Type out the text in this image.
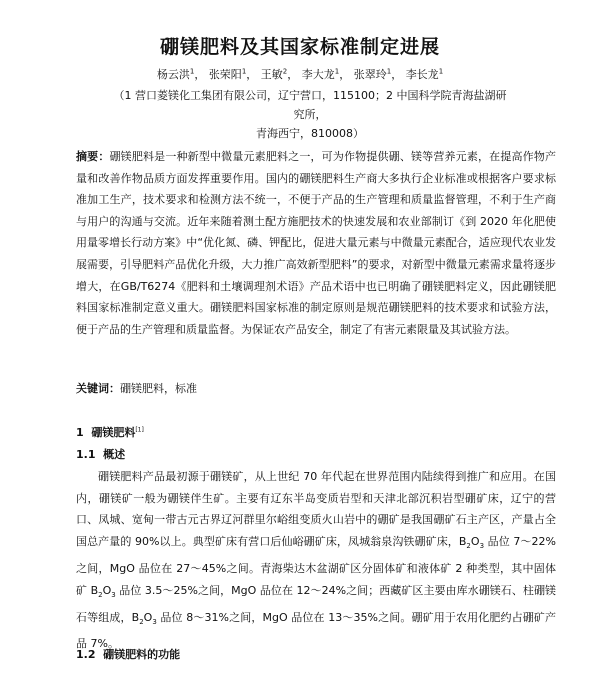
硼镁肥料及其国家标准制定进展
杨云洪$^1$， 张荣阳$^1$， 王敏$^2$， 李大龙$^1$， 张翠玲$^1$， 李长龙$^1$
（1 营口菱镁化工集团有限公司，辽宁营口，115100；2 中国科学院青海盐湖研究所，
青海西宁，810008）
摘要：硼镁肥料是一种新型中微量元素肥料之一，可为作物提供硼、镁等营养元素，在提高作物产量和改善作物品质方面发挥重要作用。国内的硼镁肥料生产商大多执行企业标准或根据客户要求标准加工生产，技术要求和检测方法不统一，不便于产品的生产管理和质量监督管理，不利于生产商与用户的沟通与交流。近年来随着测土配方施肥技术的快速发展和农业部制订《到 2020 年化肥使用量零增长行动方案》中“优化氮、磷、钾配比，促进大量元素与中微量元素配合，适应现代农业发展需要，引导肥料产品优化升级，大力推广高效新型肥料”的要求，对新型中微量元素需求量将逐步增大，在GB/T6274《肥料和土壤调理剂术语》产品术语中也已明确了硼镁肥料定义，因此硼镁肥料国家标准制定意义重大。硼镁肥料国家标准的制定原则是规范硼镁肥料的技术要求和试验方法，便于产品的生产管理和质量监督。为保证农产品安全，制定了有害元素限量及其试验方法。
关键词：硼镁肥料，标准
1 硼镁肥料[1]
1.1 概述
硼镁肥料产品最初源于硼镁矿，从上世纪 70 年代起在世界范围内陆续得到推广和应用。在国内，硼镁矿一般为硼镁伴生矿。主要有辽东半岛变质岩型和天津北部沉积岩型硼矿床，辽宁的营口、凤城、宽甸一带古元古界辽河群里尔峪组变质火山岩中的硼矿是我国硼矿石主产区，产量占全国总产量的 90%以上。典型矿床有营口后仙峪硼矿床，凤城翁泉沟铁硼矿床，$B_2O_3$ 品位 7～22%之间，MgO 品位在 27～45%之间。青海柴达木盆湖矿区分固体矿和液体矿 2 种类型，其中固体矿 $B_2O_3$ 品位 3.5～25%之间，MgO 品位在 12～24%之间；西藏矿区主要由库水硼镁石、柱硼镁石等组成，$B_2O_3$ 品位 8～31%之间，MgO 品位在 13～35%之间。硼矿用于农用化肥约占硼矿产品 7%。
1.2 硼镁肥料的功能
